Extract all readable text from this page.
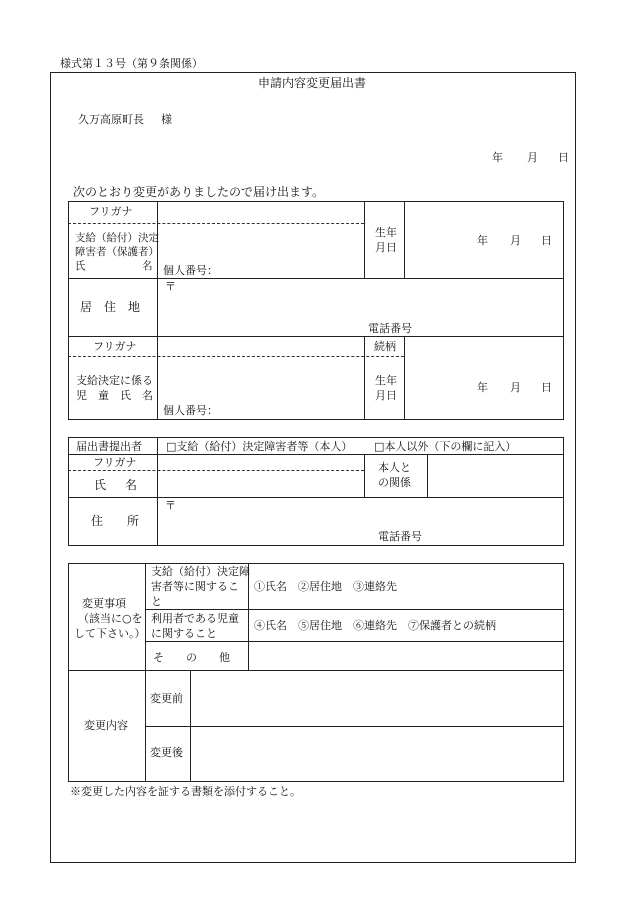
様式第１３号（第９条関係）
申請内容変更届出書
久万高原町長 様
年 月 日
次のとおり変更がありましたので届け出ます。
フリガナ
支給（給付）決定
障害者（保護者）
氏	名 個人番号：
生年
月日
年 月 日
〒
居　住　地
電話番号
フリガナ	続柄
支給決定に係る
児　童　氏　名
個人番号：
生年
月日
年 月 日
届出書提出者 □支給（給付）決定障害者等（本人） □本人以外（下の欄に記入）
フリガナ
氏 名
本人と
の関係
〒
住　　所
電話番号
変更事項
（該当に○を
して下さい。）
支給（給付）決定障
害者等に関するこ
と
①氏名　②居住地　③連絡先
利用者である児童
に関すること
④氏名　⑤居住地　⑥連絡先　⑦保護者との続柄
そ　　の　　他
変更内容
変更前
変更後
※変更した内容を証する書類を添付すること。
